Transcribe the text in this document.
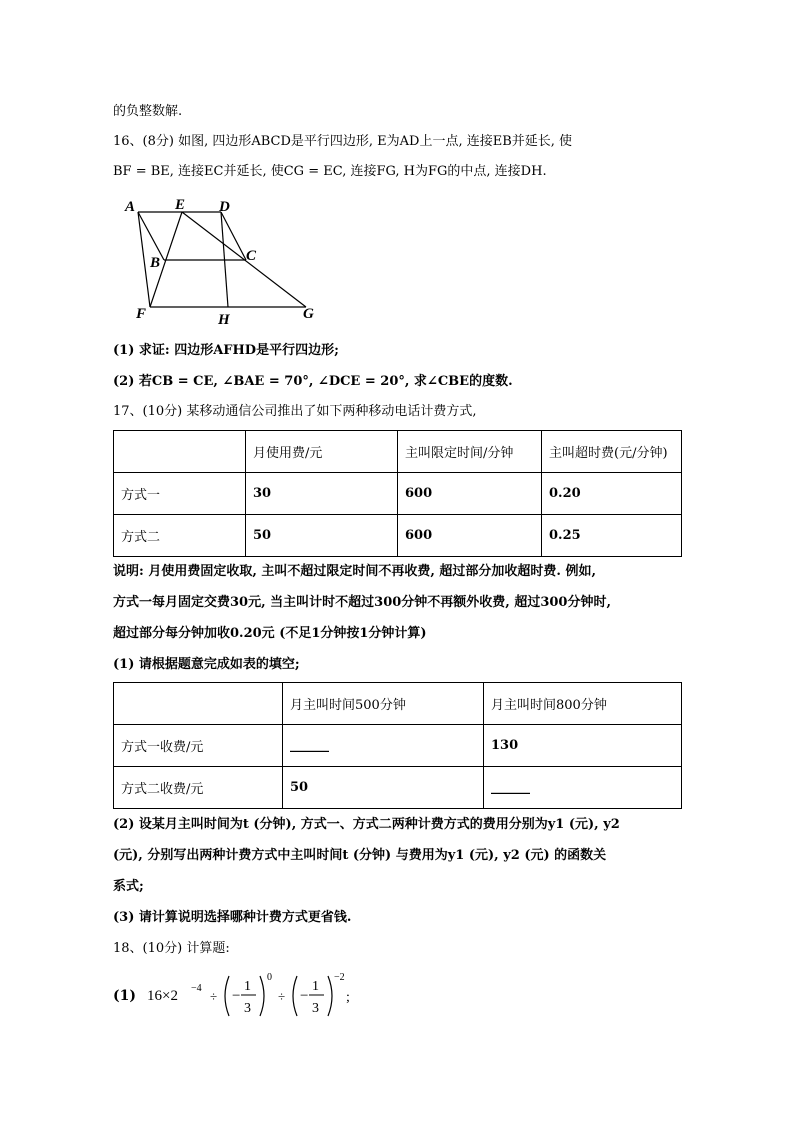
的负整数解.
16、(8分) 如图, 四边形ABCD是平行四边形, E为AD上一点, 连接EB并延长, 使
BF = BE, 连接EC并延长, 使CG = EC, 连接FG, H为FG的中点, 连接DH.
A	E D
B	C
F	H	G
(1) 求证: 四边形AFHD是平行四边形;
(2) 若CB = CE, ∠BAE = 70°, ∠DCE = 20°, 求∠CBE的度数.
17、(10分) 某移动通信公司推出了如下两种移动电话计费方式,
	月使用费/元	主叫限定时间/分钟	主叫超时费(元/分钟)
方式一	30	600	0.20
方式二	50	600	0.25
说明: 月使用费固定收取, 主叫不超过限定时间不再收费, 超过部分加收超时费. 例如,
方式一每月固定交费30元, 当主叫计时不超过300分钟不再额外收费, 超过300分钟时,
超过部分每分钟加收0.20元 (不足1分钟按1分钟计算)
(1) 请根据题意完成如表的填空;
	月主叫时间500分钟	月主叫时间800分钟
方式一收费/元	______	130
方式二收费/元	50	______
(2) 设某月主叫时间为t (分钟), 方式一、方式二两种计费方式的费用分别为y1 (元), y2
(元), 分别写出两种计费方式中主叫时间t (分钟) 与费用为y1 (元), y2 (元) 的函数关
系式;
(3) 请计算说明选择哪种计费方式更省钱.
18、(10分) 计算题:
(1) 16×2 −4
÷ −
1
3
0
÷ −
1
3
−2
;
